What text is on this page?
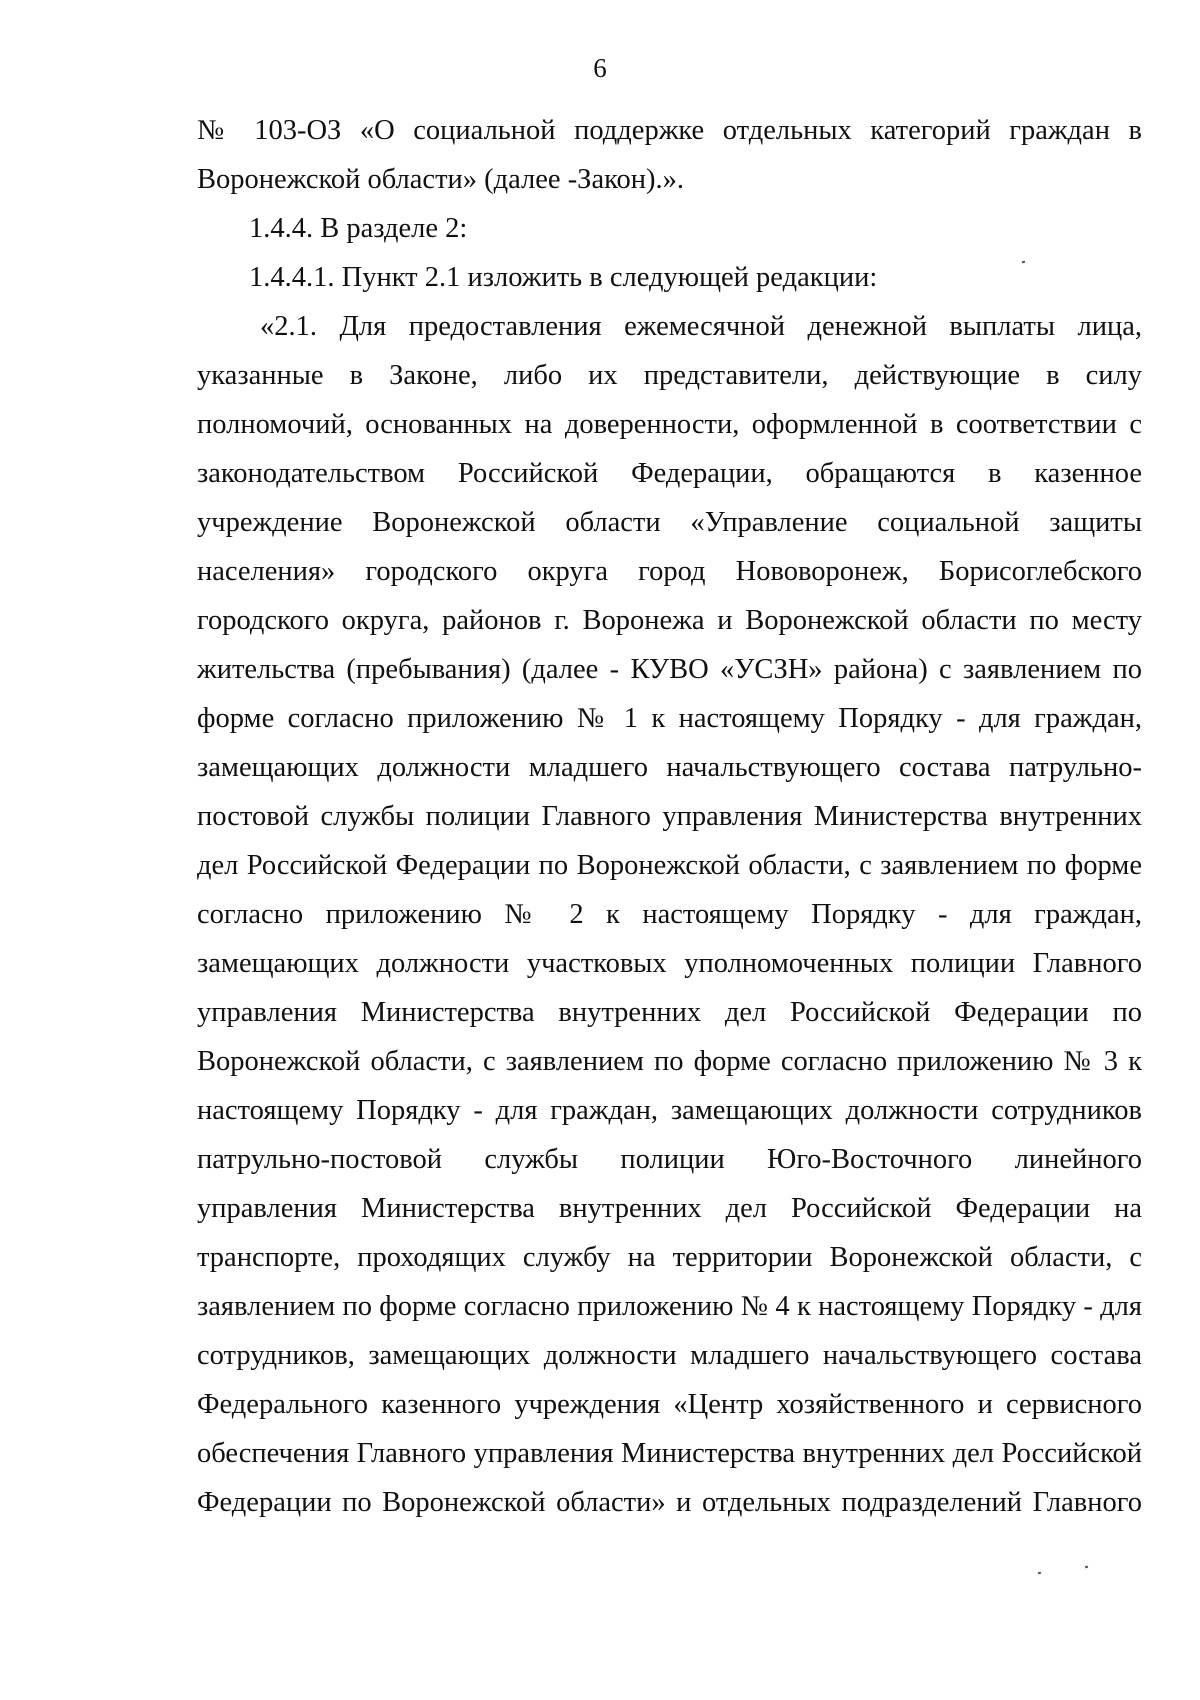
6
№ 103-ОЗ «О социальной поддержке отдельных категорий граждан в
Воронежской области» (далее -Закон).».
1.4.4. В разделе 2:
1.4.4.1. Пункт 2.1 изложить в следующей редакции:
«2.1. Для предоставления ежемесячной денежной выплаты лица,
указанные в Законе, либо их представители, действующие в силу
полномочий, основанных на доверенности, оформленной в соответствии с
законодательством Российской Федерации, обращаются в казенное
учреждение Воронежской области «Управление социальной защиты
населения» городского округа город Нововоронеж, Борисоглебского
городского округа, районов г. Воронежа и Воронежской области по месту
жительства (пребывания) (далее - КУВО «УСЗН» района) с заявлением по
форме согласно приложению № 1 к настоящему Порядку - для граждан,
замещающих должности младшего начальствующего состава патрульно-
постовой службы полиции Главного управления Министерства внутренних
дел Российской Федерации по Воронежской области, с заявлением по форме
согласно приложению № 2 к настоящему Порядку - для граждан,
замещающих должности участковых уполномоченных полиции Главного
управления Министерства внутренних дел Российской Федерации по
Воронежской области, с заявлением по форме согласно приложению № 3 к
настоящему Порядку - для граждан, замещающих должности сотрудников
патрульно-постовой службы полиции Юго-Восточного линейного
управления Министерства внутренних дел Российской Федерации на
транспорте, проходящих службу на территории Воронежской области, с
заявлением по форме согласно приложению № 4 к настоящему Порядку - для
сотрудников, замещающих должности младшего начальствующего состава
Федерального казенного учреждения «Центр хозяйственного и сервисного
обеспечения Главного управления Министерства внутренних дел Российской
Федерации по Воронежской области» и отдельных подразделений Главного
